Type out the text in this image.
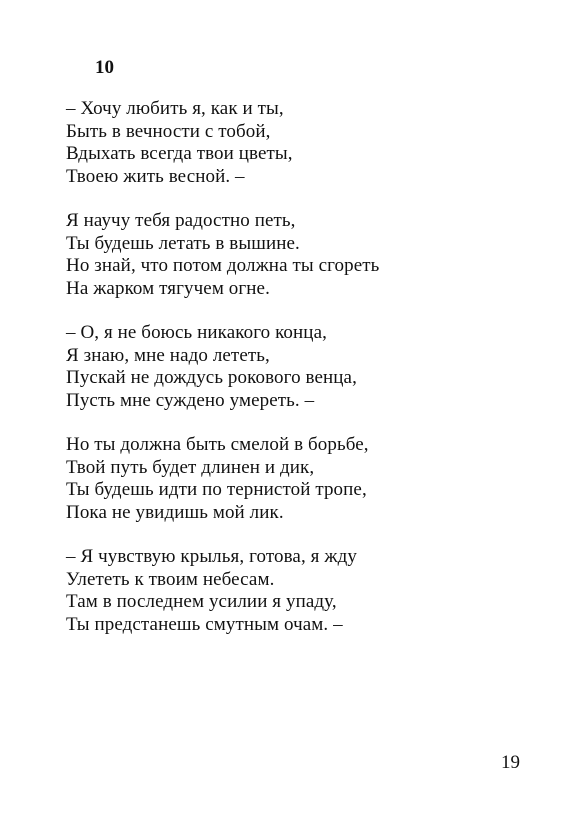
10
– Хочу любить я, как и ты,
Быть в вечности с тобой,
Вдыхать всегда твои цветы,
Твоею жить весной. –
Я научу тебя радостно петь,
Ты будешь летать в вышине.
Но знай, что потом должна ты сгореть
На жарком тягучем огне.
– О, я не боюсь никакого конца,
Я знаю, мне надо лететь,
Пускай не дождусь рокового венца,
Пусть мне суждено умереть. –
Но ты должна быть смелой в борьбе,
Твой путь будет длинен и дик,
Ты будешь идти по тернистой тропе,
Пока не увидишь мой лик.
– Я чувствую крылья, готова, я жду
Улететь к твоим небесам.
Там в последнем усилии я упаду,
Ты предстанешь смутным очам. –
19
